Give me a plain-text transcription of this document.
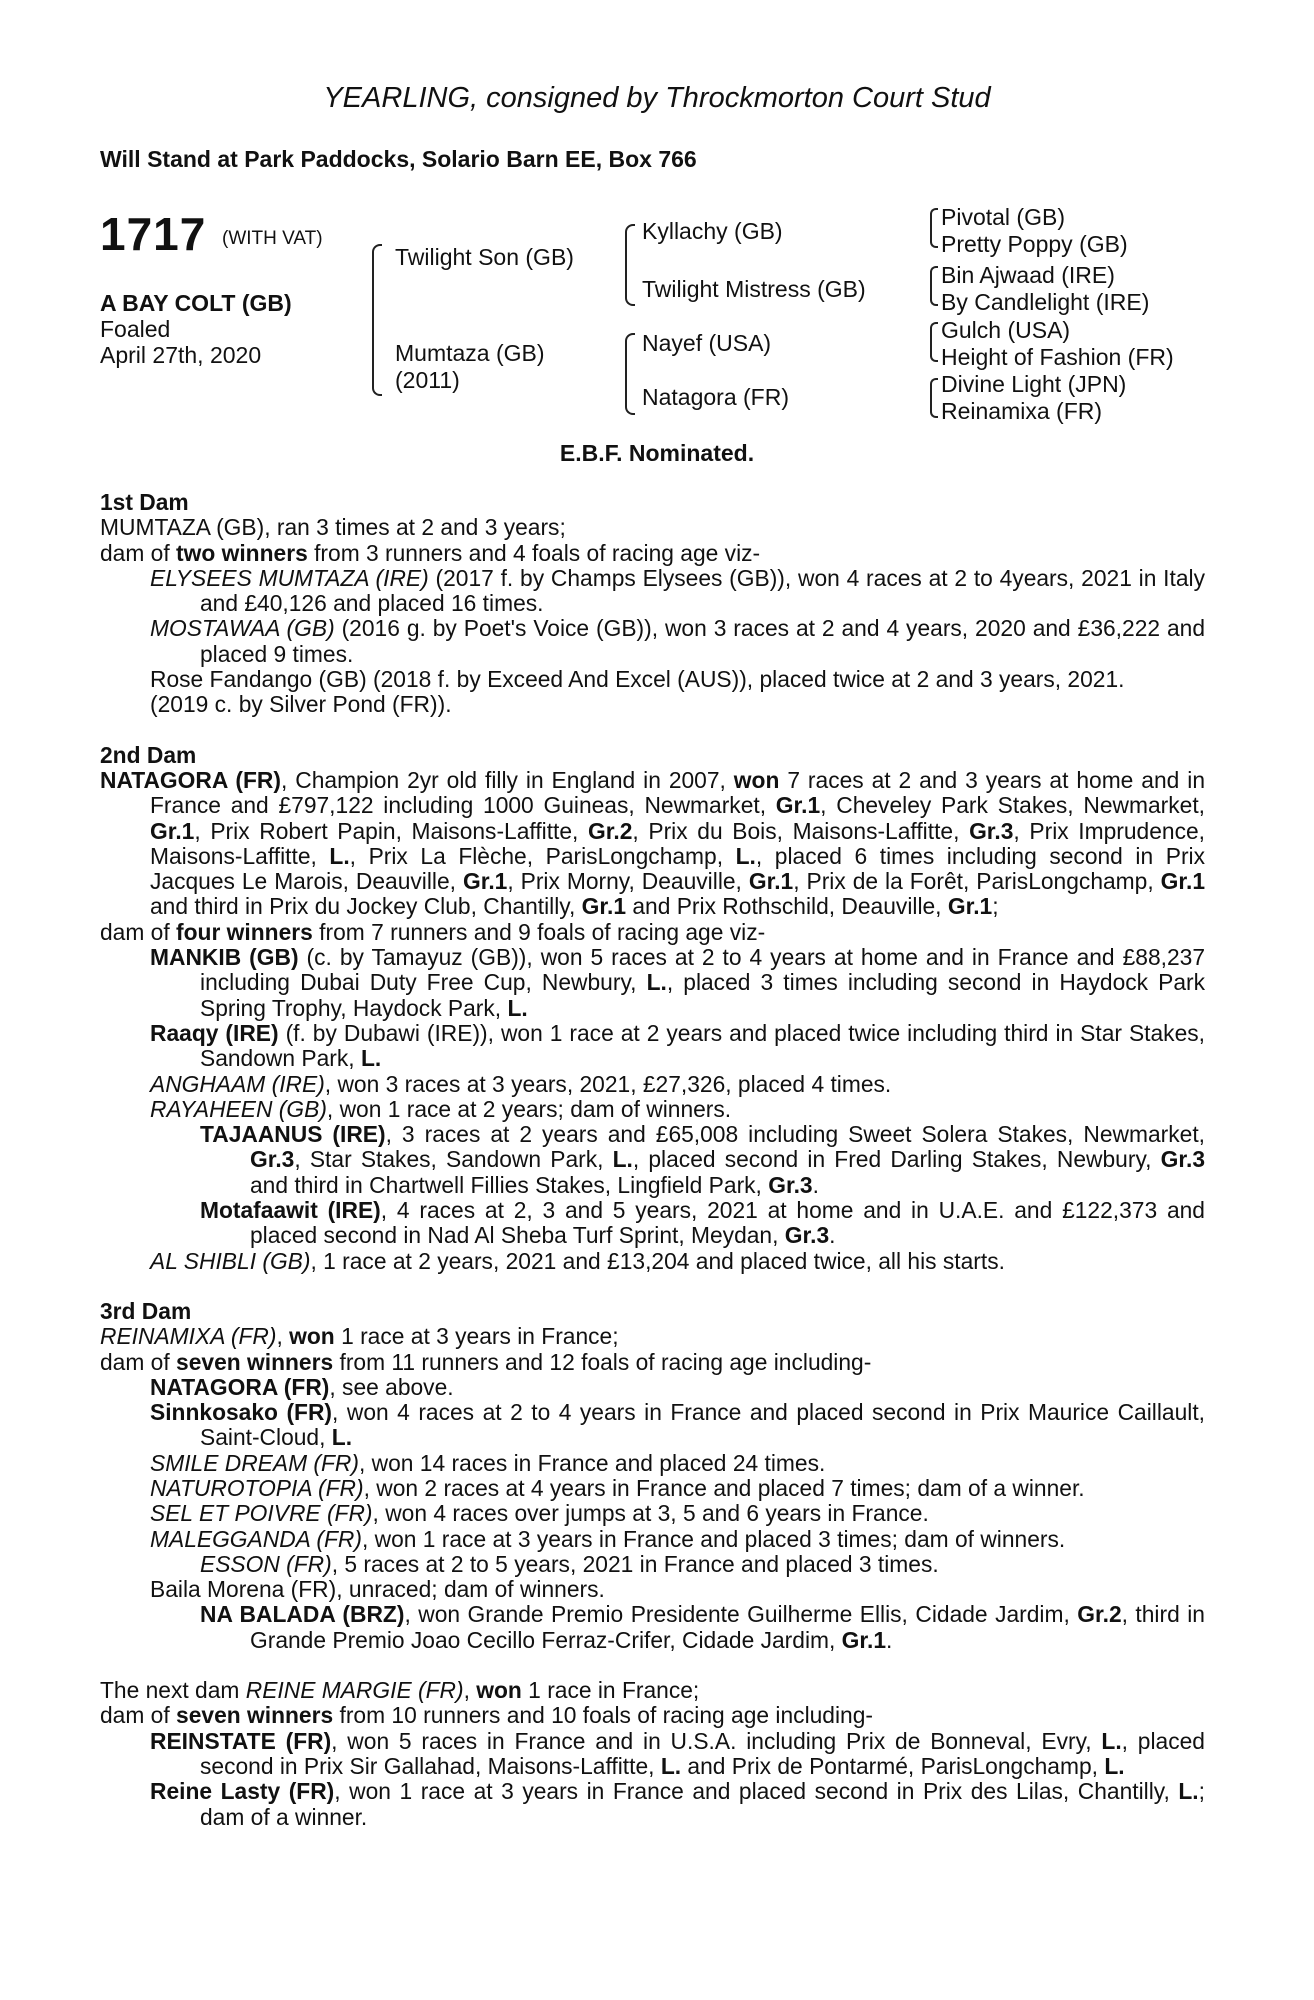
YEARLING, consigned by Throckmorton Court Stud
Will Stand at Park Paddocks, Solario Barn EE, Box 766
1717 (WITH VAT)
A BAY COLT (GB)
Foaled
April 27th, 2020
Twilight Son (GB)
Mumtaza (GB)
(2011)
Kyllachy (GB)
Twilight Mistress (GB)
Nayef (USA)
Natagora (FR)
Pivotal (GB)
Pretty Poppy (GB)
Bin Ajwaad (IRE)
By Candlelight (IRE)
Gulch (USA)
Height of Fashion (FR)
Divine Light (JPN)
Reinamixa (FR)
E.B.F. Nominated.
1st Dam
MUMTAZA (GB), ran 3 times at 2 and 3 years;
dam of two winners from 3 runners and 4 foals of racing age viz-
ELYSEES MUMTAZA (IRE) (2017 f. by Champs Elysees (GB)), won 4 races at 2 to 4years, 2021 in Italy and £40,126 and placed 16 times.
MOSTAWAA (GB) (2016 g. by Poet's Voice (GB)), won 3 races at 2 and 4 years, 2020 and £36,222 and placed 9 times.
Rose Fandango (GB) (2018 f. by Exceed And Excel (AUS)), placed twice at 2 and 3 years, 2021.
(2019 c. by Silver Pond (FR)).
2nd Dam
NATAGORA (FR), Champion 2yr old filly in England in 2007, won 7 races at 2 and 3 years at home and in France and £797,122 including 1000 Guineas, Newmarket, Gr.1, Cheveley Park Stakes, Newmarket, Gr.1, Prix Robert Papin, Maisons-Laffitte, Gr.2, Prix du Bois, Maisons-Laffitte, Gr.3, Prix Imprudence, Maisons-Laffitte, L., Prix La Flèche, ParisLongchamp, L., placed 6 times including second in Prix Jacques Le Marois, Deauville, Gr.1, Prix Morny, Deauville, Gr.1, Prix de la Forêt, ParisLongchamp, Gr.1 and third in Prix du Jockey Club, Chantilly, Gr.1 and Prix Rothschild, Deauville, Gr.1;
dam of four winners from 7 runners and 9 foals of racing age viz-
MANKIB (GB) (c. by Tamayuz (GB)), won 5 races at 2 to 4 years at home and in France and £88,237 including Dubai Duty Free Cup, Newbury, L., placed 3 times including second in Haydock Park Spring Trophy, Haydock Park, L.
Raaqy (IRE) (f. by Dubawi (IRE)), won 1 race at 2 years and placed twice including third in Star Stakes, Sandown Park, L.
ANGHAAM (IRE), won 3 races at 3 years, 2021, £27,326, placed 4 times.
RAYAHEEN (GB), won 1 race at 2 years; dam of winners.
TAJAANUS (IRE), 3 races at 2 years and £65,008 including Sweet Solera Stakes, Newmarket, Gr.3, Star Stakes, Sandown Park, L., placed second in Fred Darling Stakes, Newbury, Gr.3 and third in Chartwell Fillies Stakes, Lingfield Park, Gr.3.
Motafaawit (IRE), 4 races at 2, 3 and 5 years, 2021 at home and in U.A.E. and £122,373 and placed second in Nad Al Sheba Turf Sprint, Meydan, Gr.3.
AL SHIBLI (GB), 1 race at 2 years, 2021 and £13,204 and placed twice, all his starts.
3rd Dam
REINAMIXA (FR), won 1 race at 3 years in France;
dam of seven winners from 11 runners and 12 foals of racing age including-
NATAGORA (FR), see above.
Sinnkosako (FR), won 4 races at 2 to 4 years in France and placed second in Prix Maurice Caillault, Saint-Cloud, L.
SMILE DREAM (FR), won 14 races in France and placed 24 times.
NATUROTOPIA (FR), won 2 races at 4 years in France and placed 7 times; dam of a winner.
SEL ET POIVRE (FR), won 4 races over jumps at 3, 5 and 6 years in France.
MALEGGANDA (FR), won 1 race at 3 years in France and placed 3 times; dam of winners.
ESSON (FR), 5 races at 2 to 5 years, 2021 in France and placed 3 times.
Baila Morena (FR), unraced; dam of winners.
NA BALADA (BRZ), won Grande Premio Presidente Guilherme Ellis, Cidade Jardim, Gr.2, third in Grande Premio Joao Cecillo Ferraz-Crifer, Cidade Jardim, Gr.1.
The next dam REINE MARGIE (FR), won 1 race in France;
dam of seven winners from 10 runners and 10 foals of racing age including-
REINSTATE (FR), won 5 races in France and in U.S.A. including Prix de Bonneval, Evry, L., placed second in Prix Sir Gallahad, Maisons-Laffitte, L. and Prix de Pontarmé, ParisLongchamp, L.
Reine Lasty (FR), won 1 race at 3 years in France and placed second in Prix des Lilas, Chantilly, L.; dam of a winner.
